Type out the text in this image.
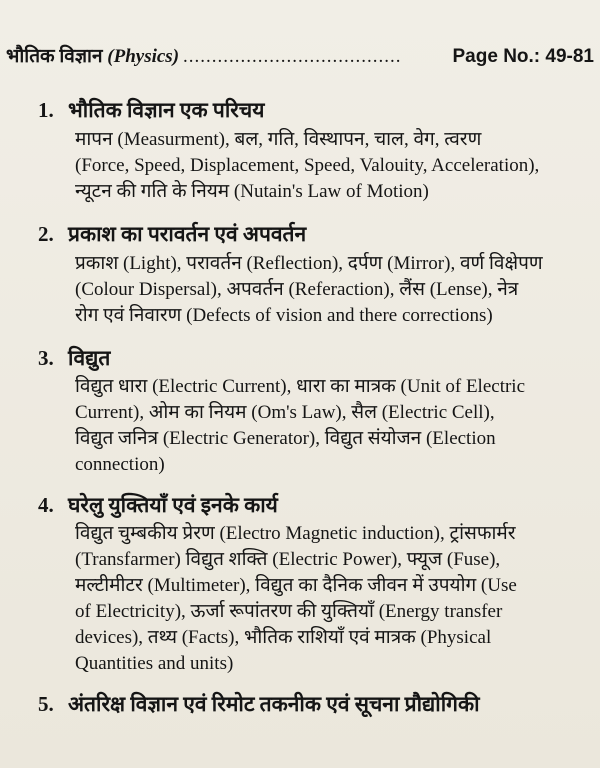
भौतिक विज्ञान
(Physics) ......................................	Page No.: 49-81
1. भौतिक विज्ञान एक परिचय
मापन (Measurment), बल, गति, विस्थापन, चाल, वेग, त्वरण
(Force, Speed, Displacement, Speed, Valouity, Acceleration),
न्यूटन की गति के नियम (Nutain's Law of Motion)
2. प्रकाश का परावर्तन एवं अपवर्तन
प्रकाश (Light), परावर्तन (Reflection), दर्पण (Mirror), वर्ण विक्षेपण
(Colour Dispersal), अपवर्तन (Referaction), लैंस (Lense), नेत्र
रोग एवं निवारण (Defects of vision and there corrections)
3. विद्युत
विद्युत धारा (Electric Current), धारा का मात्रक (Unit of Electric
Current), ओम का नियम (Om's Law), सैल (Electric Cell),
विद्युत जनित्र (Electric Generator), विद्युत संयोजन (Election
connection)
4. घरेलु युक्तियाँ एवं इनके कार्य
विद्युत चुम्बकीय प्रेरण (Electro Magnetic induction), ट्रांसफार्मर
(Transfarmer) विद्युत शक्ति (Electric Power), फ्यूज (Fuse),
मल्टीमीटर (Multimeter), विद्युत का दैनिक जीवन में उपयोग (Use
of Electricity), ऊर्जा रूपांतरण की युक्तियाँ (Energy transfer
devices), तथ्य (Facts), भौतिक राशियाँ एवं मात्रक (Physical
Quantities and units)
5. अंतरिक्ष विज्ञान एवं रिमोट तकनीक एवं सूचना प्रौद्योगिकी
